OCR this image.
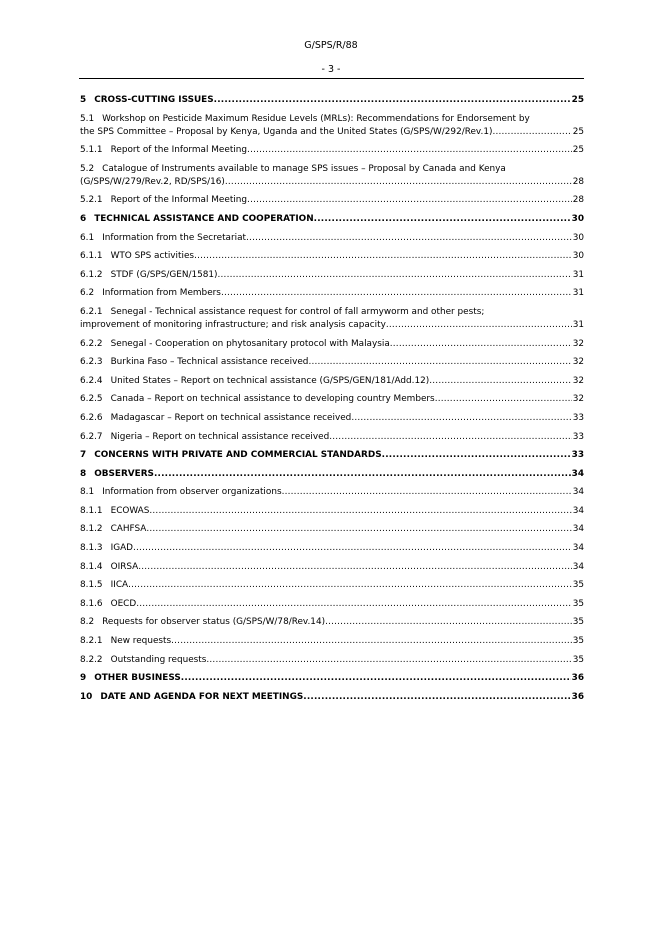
G/SPS/R/88
- 3 -
5 CROSS-CUTTING ISSUES .....	25
5.1 Workshop on Pesticide Maximum Residue Levels (MRLs): Recommendations for Endorsement by the SPS Committee – Proposal by Kenya, Uganda and the United States (G/SPS/W/292/Rev.1) .....	25
5.1.1 Report of the Informal Meeting .....	25
5.2 Catalogue of Instruments available to manage SPS issues – Proposal by Canada and Kenya (G/SPS/W/279/Rev.2, RD/SPS/16) .....	28
5.2.1 Report of the Informal Meeting .....	28
6 TECHNICAL ASSISTANCE AND COOPERATION .....	30
6.1 Information from the Secretariat .....	30
6.1.1 WTO SPS activities .....	30
6.1.2 STDF (G/SPS/GEN/1581) .....	31
6.2 Information from Members .....	31
6.2.1 Senegal - Technical assistance request for control of fall armyworm and other pests; improvement of monitoring infrastructure; and risk analysis capacity .....	31
6.2.2 Senegal - Cooperation on phytosanitary protocol with Malaysia .....	32
6.2.3 Burkina Faso – Technical assistance received .....	32
6.2.4 United States – Report on technical assistance (G/SPS/GEN/181/Add.12) .....	32
6.2.5 Canada – Report on technical assistance to developing country Members .....	32
6.2.6 Madagascar – Report on technical assistance received .....	33
6.2.7 Nigeria – Report on technical assistance received .....	33
7 CONCERNS WITH PRIVATE AND COMMERCIAL STANDARDS .....	33
8 OBSERVERS .....	34
8.1 Information from observer organizations .....	34
8.1.1 ECOWAS .....	34
8.1.2 CAHFSA .....	34
8.1.3 IGAD .....	34
8.1.4 OIRSA .....	34
8.1.5 IICA .....	35
8.1.6 OECD .....	35
8.2 Requests for observer status (G/SPS/W/78/Rev.14) .....	35
8.2.1 New requests .....	35
8.2.2 Outstanding requests .....	35
9 OTHER BUSINESS .....	36
10 DATE AND AGENDA FOR NEXT MEETINGS .....	36
